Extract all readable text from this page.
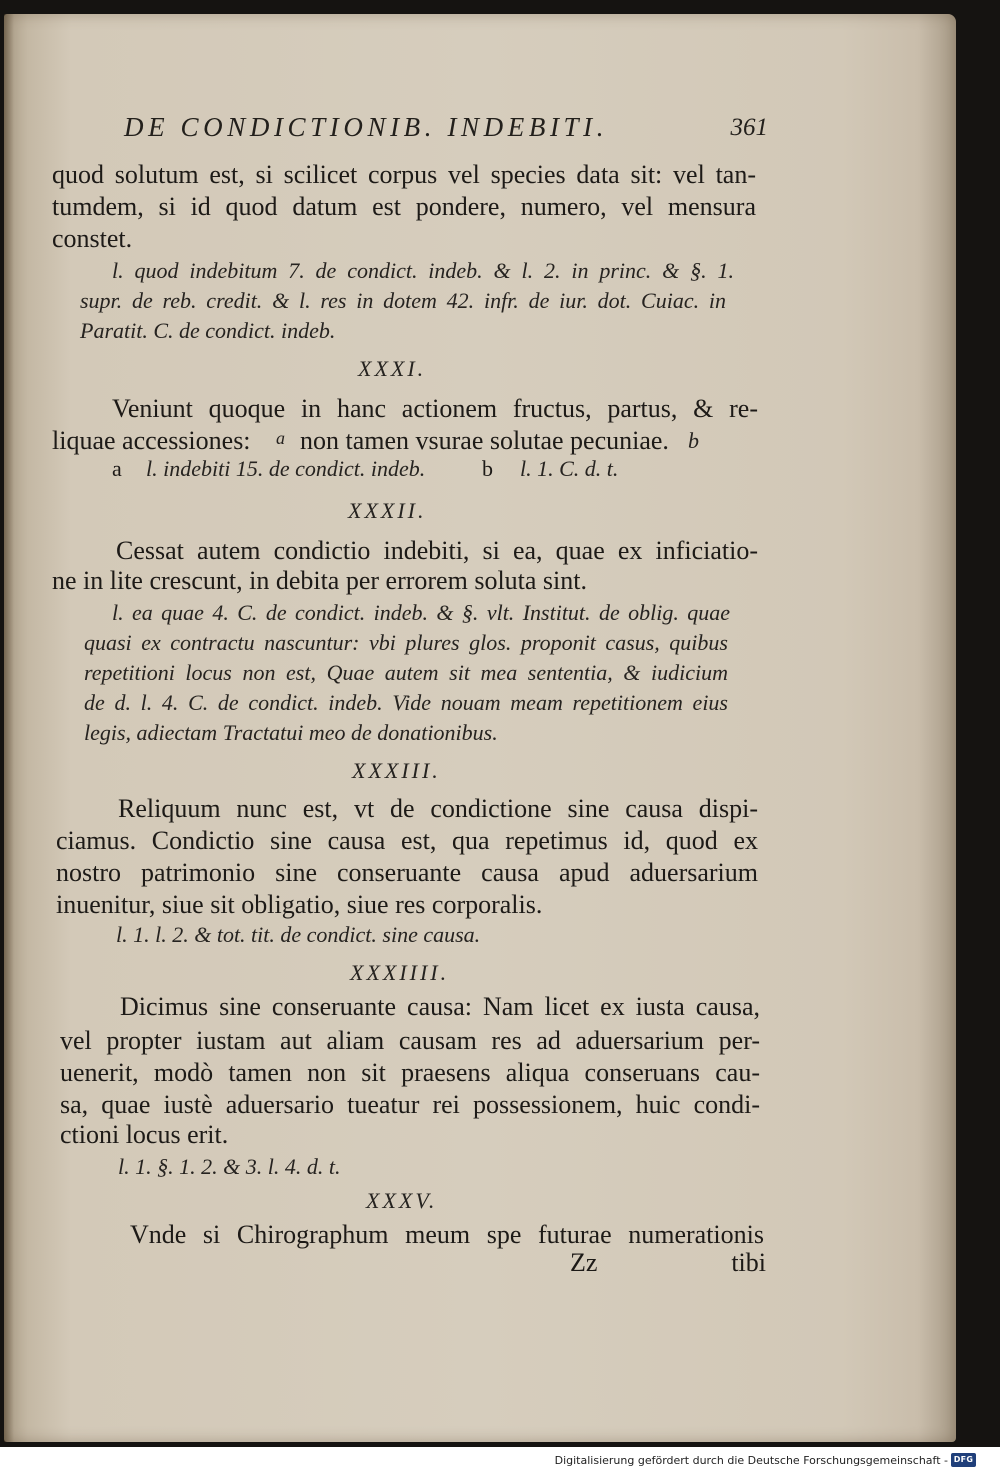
DE CONDICTIONIB. INDEBITI.	361
quod solutum est, si scilicet corpus vel species data sit: vel tan-
tumdem, si id quod datum est pondere, numero, vel mensura
constet.
l. quod indebitum 7. de condict. indeb. & l. 2. in princ. & §. 1.
supr. de reb. credit. & l. res in dotem 42. infr. de iur. dot. Cuiac. in
Paratit. C. de condict. indeb.
XXXI.
Veniunt quoque in hanc actionem fructus, partus, & re-
liquae accessiones: a non tamen vsurae solutae pecuniae. b
a l. indebiti 15. de condict. indeb.	b l. 1. C. d. t.
XXXII.
Cessat autem condictio indebiti, si ea, quae ex inficiatio-
ne in lite crescunt, in debita per errorem soluta sint.
l. ea quae 4. C. de condict. indeb. & §. vlt. Institut. de oblig. quae
quasi ex contractu nascuntur: vbi plures glos. proponit casus, quibus
repetitioni locus non est, Quae autem sit mea sententia, & iudicium
de d. l. 4. C. de condict. indeb. Vide nouam meam repetitionem eius
legis, adiectam Tractatui meo de donationibus.
XXXIII.
Reliquum nunc est, vt de condictione sine causa dispi-
ciamus. Condictio sine causa est, qua repetimus id, quod ex
nostro patrimonio sine conseruante causa apud aduersarium
inuenitur, siue sit obligatio, siue res corporalis.
l. 1. l. 2. & tot. tit. de condict. sine causa.
XXXIIII.
Dicimus sine conseruante causa: Nam licet ex iusta causa,
vel propter iustam aut aliam causam res ad aduersarium per-
uenerit, modò tamen non sit praesens aliqua conseruans cau-
sa, quae iustè aduersario tueatur rei possessionem, huic condi-
ctioni locus erit.
l. 1. §. 1. 2. & 3. l. 4. d. t.
XXXV.
Vnde si Chirographum meum spe futurae numerationis
Zz	tibi
Digitalisierung gefördert durch die Deutsche Forschungsgemeinschaft - DFG
